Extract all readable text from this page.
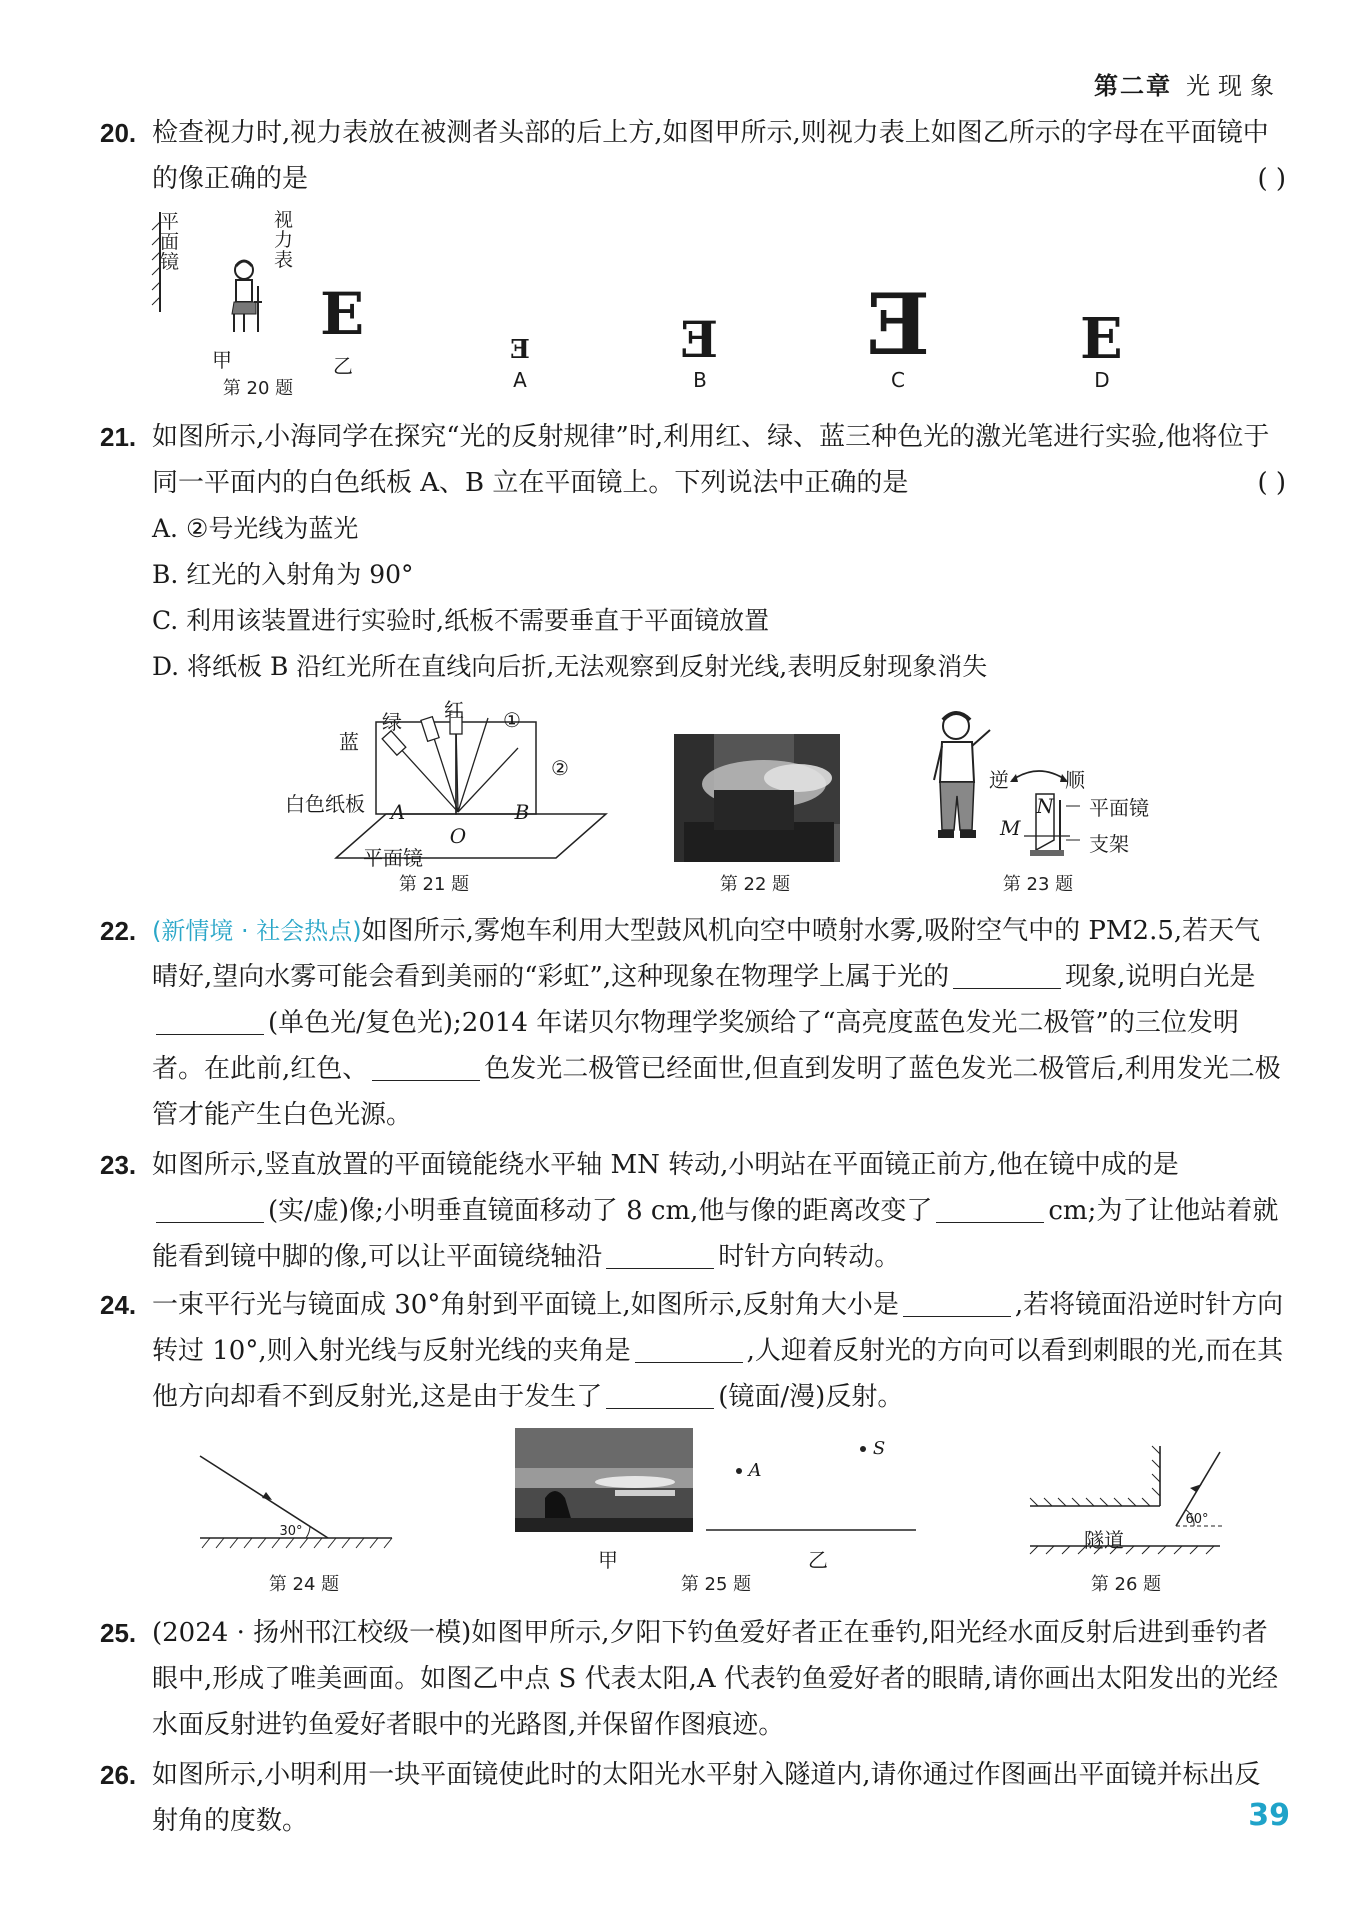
第二章 光现象
20. 检查视力时,视力表放在被测者头部的后上方,如图甲所示,则视力表上如图乙所示的字母在平面镜中的像正确的是	( )
平面镜
视力表
甲	乙
第 20 题
E
E
A
E
B
E
C
E
D
21. 如图所示,小海同学在探究“光的反射规律”时,利用红、绿、蓝三种色光的激光笔进行实验,他将位于同一平面内的白色纸板 A、B 立在平面镜上。下列说法中正确的是	( )
A. ②号光线为蓝光
B. 红光的入射角为 90°
C. 利用该装置进行实验时,纸板不需要垂直于平面镜放置
D. 将纸板 B 沿红光所在直线向后折,无法观察到反射光线,表明反射现象消失
蓝
绿 红 ①
②
白色纸板 A	B
O
平面镜
第 21 题	第 22 题
逆	顺
N
M
平面镜
支架
第 23 题
22. (新情境 · 社会热点)如图所示,雾炮车利用大型鼓风机向空中喷射水雾,吸附空气中的 PM2.5,若天气晴好,望向水雾可能会看到美丽的“彩虹”,这种现象在物理学上属于光的	现象,说明白光是(单色光/复色光);2014 年诺贝尔物理学奖颁给了“高亮度蓝色发光二极管”的三位发明者。在此前,红色、	色发光二极管已经面世,但直到发明了蓝色发光二极管后,利用发光二极管才能产生白色光源。
23. 如图所示,竖直放置的平面镜能绕水平轴 MN 转动,小明站在平面镜正前方,他在镜中成的是(实/虚)像;小明垂直镜面移动了 8 cm,他与像的距离改变了	cm;为了让他站着就能看到镜中脚的像,可以让平面镜绕轴沿	时针方向转动。
24. 一束平行光与镜面成 30°角射到平面镜上,如图所示,反射角大小是	,若将镜面沿逆时针方向转过 10°,则入射光线与反射光线的夹角是	,人迎着反射光的方向可以看到刺眼的光,而在其他方向却看不到反射光,这是由于发生了	(镜面/漫)反射。
30°
第 24 题
甲
A
S
乙
第 25 题
60°
隧道
第 26 题
25. (2024 · 扬州邗江校级一模)如图甲所示,夕阳下钓鱼爱好者正在垂钓,阳光经水面反射后进到垂钓者眼中,形成了唯美画面。如图乙中点 S 代表太阳,A 代表钓鱼爱好者的眼睛,请你画出太阳发出的光经水面反射进钓鱼爱好者眼中的光路图,并保留作图痕迹。
26. 如图所示,小明利用一块平面镜使此时的太阳光水平射入隧道内,请你通过作图画出平面镜并标出反射角的度数。	39
